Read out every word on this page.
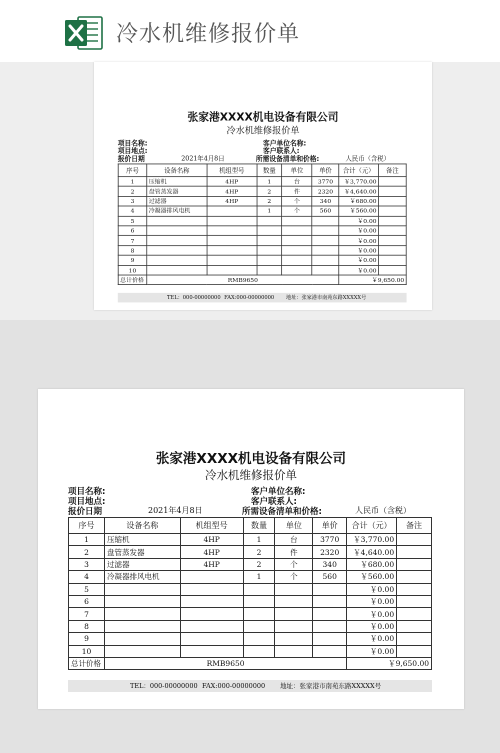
冷水机维修报价单
张家港XXXX机电设备有限公司
冷水机维修报价单
项目名称:
项目地点:
报价日期	2021年4月8日
客户单位名称:
客户联系人:
所需设备清单和价格:	人民币（含税）
序号	设备名称	机组型号	数量	单位	单价	合计（元）	备注
1	压缩机	4HP	1	台	3770	￥3,770.00	
2	盘管蒸发器	4HP	2	件	2320	￥4,640.00	
3	过滤器	4HP	2	个	340	￥680.00	
4	冷凝器排风电机		1	个	560	￥560.00	
5						￥0.00	
6						￥0.00	
7						￥0.00	
8						￥0.00	
9						￥0.00	
10						￥0.00	
总计价格	RMB9650					￥9,650.00	
TEL：000-00000000 FAX:000-00000000 地址：张家港市南苑东路XXXXX号
张家港XXXX机电设备有限公司
冷水机维修报价单
项目名称:
项目地点:
报价日期	2021年4月8日
客户单位名称:
客户联系人:
所需设备清单和价格:	人民币（含税）
序号	设备名称	机组型号	数量	单位	单价	合计（元）	备注
1	压缩机	4HP	1	台	3770	￥3,770.00	
2	盘管蒸发器	4HP	2	件	2320	￥4,640.00	
3	过滤器	4HP	2	个	340	￥680.00	
4	冷凝器排风电机		1	个	560	￥560.00	
5						￥0.00	
6						￥0.00	
7						￥0.00	
8						￥0.00	
9						￥0.00	
10						￥0.00	
总计价格	RMB9650					￥9,650.00	
TEL：000-00000000 FAX:000-00000000 地址：张家港市南苑东路XXXXX号
